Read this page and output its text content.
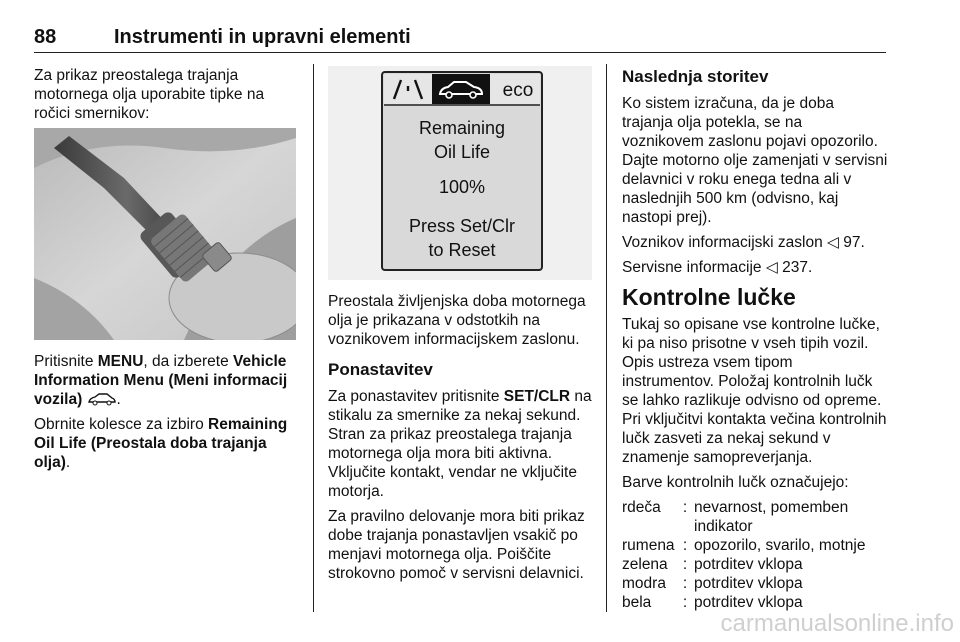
88	Instrumenti in upravni elementi

Za prikaz preostalega trajanja motornega olja uporabite tipke na ročici smernikov:

Pritisnite MENU, da izberete Vehicle Information Menu (Meni informacij vozila) .

Obrnite kolesce za izbiro Remaining Oil Life (Preostala doba trajanja olja).

eco
Remaining
Oil Life
100%
Press Set/Clr
to Reset

Preostala življenjska doba motornega olja je prikazana v odstotkih na voznikovem informacijskem zaslonu.

Ponastavitev

Za ponastavitev pritisnite SET/CLR na stikalu za smernike za nekaj sekund. Stran za prikaz preostalega trajanja motornega olja mora biti aktivna. Vključite kontakt, vendar ne vključite motorja.

Za pravilno delovanje mora biti prikaz dobe trajanja ponastavljen vsakič po menjavi motornega olja. Poiščite strokovno pomoč v servisni delavnici.

Naslednja storitev

Ko sistem izračuna, da je doba trajanja olja potekla, se na voznikovem zaslonu pojavi opozorilo. Dajte motorno olje zamenjati v servisni delavnici v roku enega tedna ali v naslednjih 500 km (odvisno, kaj nastopi prej).

Voznikov informacijski zaslon ◁ 97.

Servisne informacije ◁ 237.

Kontrolne lučke

Tukaj so opisane vse kontrolne lučke, ki pa niso prisotne v vseh tipih vozil. Opis ustreza vsem tipom instrumentov. Položaj kontrolnih lučk se lahko razlikuje odvisno od opreme. Pri vključitvi kontakta večina kontrolnih lučk zasveti za nekaj sekund v znamenje samopreverjanja.

Barve kontrolnih lučk označujejo:

rdeča	:	nevarnost, pomemben indikator
rumena	:	opozorilo, svarilo, motnje
zelena	:	potrditev vklopa
modra	:	potrditev vklopa
bela	:	potrditev vklopa
carmanualsonline.info
